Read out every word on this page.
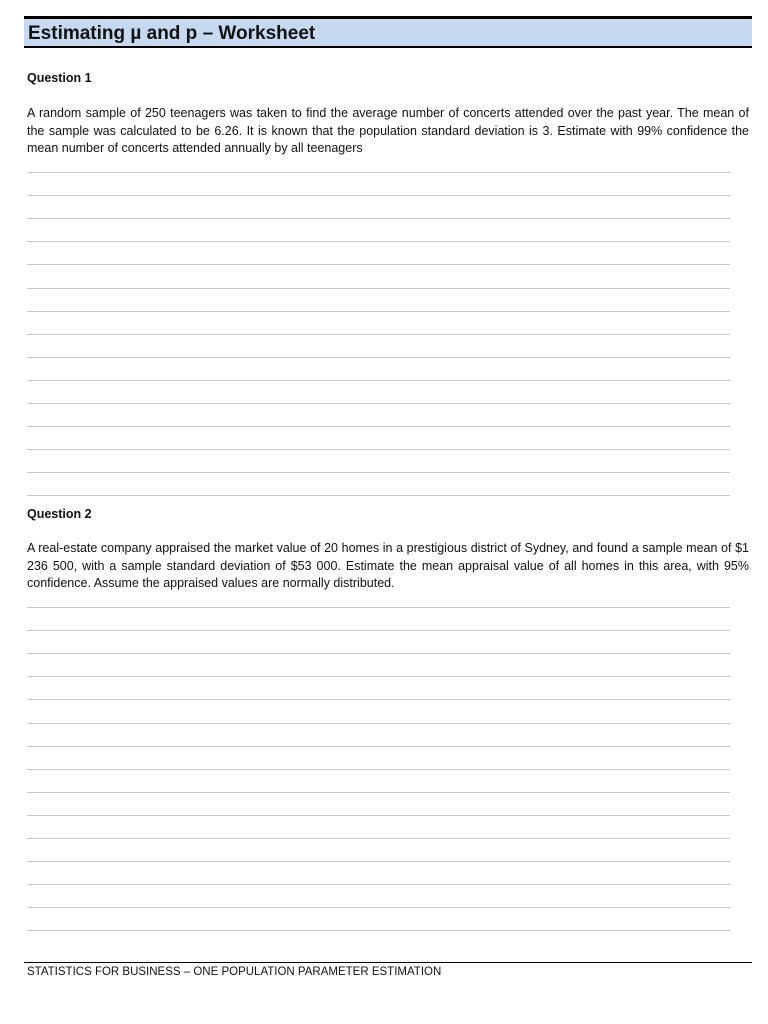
Estimating µ and p – Worksheet
Question 1
A random sample of 250 teenagers was taken to find the average number of concerts attended over the past year. The mean of the sample was calculated to be 6.26. It is known that the population standard deviation is 3. Estimate with 99% confidence the mean number of concerts attended annually by all teenagers
Question 2
A real-estate company appraised the market value of 20 homes in a prestigious district of Sydney, and found a sample mean of $1 236 500, with a sample standard deviation of $53 000. Estimate the mean appraisal value of all homes in this area, with 95% confidence. Assume the appraised values are normally distributed.
STATISTICS FOR BUSINESS – ONE POPULATION PARAMETER ESTIMATION
